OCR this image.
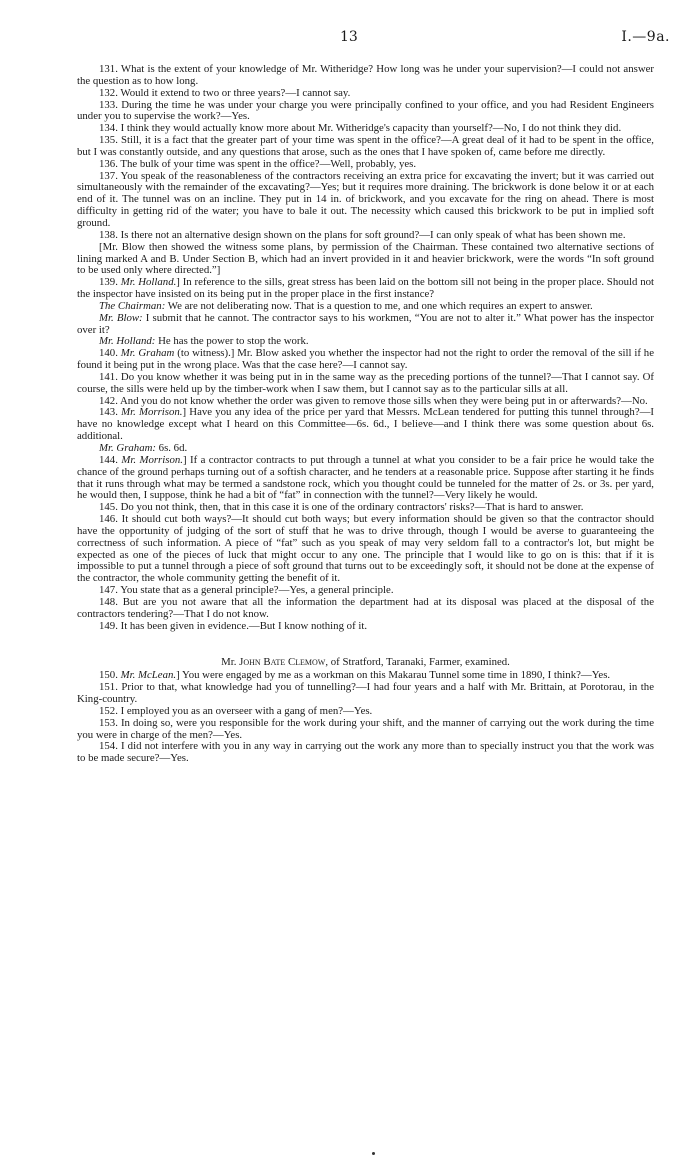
13	I.—9a.

131. What is the extent of your knowledge of Mr. Witheridge? How long was he under your supervision?—I could not answer the question as to how long.

132. Would it extend to two or three years?—I cannot say.

133. During the time he was under your charge you were principally confined to your office, and you had Resident Engineers under you to supervise the work?—Yes.

134. I think they would actually know more about Mr. Witheridge's capacity than yourself?—No, I do not think they did.

135. Still, it is a fact that the greater part of your time was spent in the office?—A great deal of it had to be spent in the office, but I was constantly outside, and any questions that arose, such as the ones that I have spoken of, came before me directly.

136. The bulk of your time was spent in the office?—Well, probably, yes.

137. You speak of the reasonableness of the contractors receiving an extra price for excavating the invert; but it was carried out simultaneously with the remainder of the excavating?—Yes; but it requires more draining. The brickwork is done below it or at each end of it. The tunnel was on an incline. They put in 14 in. of brickwork, and you excavate for the ring on ahead. There is most difficulty in getting rid of the water; you have to bale it out. The necessity which caused this brickwork to be put in implied soft ground.

138. Is there not an alternative design shown on the plans for soft ground?—I can only speak of what has been shown me.

[Mr. Blow then showed the witness some plans, by permission of the Chairman. These contained two alternative sections of lining marked A and B. Under Section B, which had an invert provided in it and heavier brickwork, were the words “In soft ground to be used only where directed.”]

139. Mr. Holland.] In reference to the sills, great stress has been laid on the bottom sill not being in the proper place. Should not the inspector have insisted on its being put in the proper place in the first instance?

The Chairman: We are not deliberating now. That is a question to me, and one which requires an expert to answer.

Mr. Blow: I submit that he cannot. The contractor says to his workmen, “You are not to alter it.” What power has the inspector over it?

Mr. Holland: He has the power to stop the work.

140. Mr. Graham (to witness).] Mr. Blow asked you whether the inspector had not the right to order the removal of the sill if he found it being put in the wrong place. Was that the case here?—I cannot say.

141. Do you know whether it was being put in in the same way as the preceding portions of the tunnel?—That I cannot say. Of course, the sills were held up by the timber-work when I saw them, but I cannot say as to the particular sills at all.

142. And you do not know whether the order was given to remove those sills when they were being put in or afterwards?—No.

143. Mr. Morrison.] Have you any idea of the price per yard that Messrs. McLean tendered for putting this tunnel through?—I have no knowledge except what I heard on this Committee—6s. 6d., I believe—and I think there was some question about 6s. additional.

Mr. Graham: 6s. 6d.

144. Mr. Morrison.] If a contractor contracts to put through a tunnel at what you consider to be a fair price he would take the chance of the ground perhaps turning out of a softish character, and he tenders at a reasonable price. Suppose after starting it he finds that it runs through what may be termed a sandstone rock, which you thought could be tunneled for the matter of 2s. or 3s. per yard, he would then, I suppose, think he had a bit of “fat” in connection with the tunnel?—Very likely he would.

145. Do you not think, then, that in this case it is one of the ordinary contractors' risks?—That is hard to answer.

146. It should cut both ways?—It should cut both ways; but every information should be given so that the contractor should have the opportunity of judging of the sort of stuff that he was to drive through, though I would be averse to guaranteeing the correctness of such information. A piece of “fat” such as you speak of may very seldom fall to a contractor's lot, but might be expected as one of the pieces of luck that might occur to any one. The principle that I would like to go on is this: that if it is impossible to put a tunnel through a piece of soft ground that turns out to be exceedingly soft, it should not be done at the expense of the contractor, the whole community getting the benefit of it.

147. You state that as a general principle?—Yes, a general principle.

148. But are you not aware that all the information the department had at its disposal was placed at the disposal of the contractors tendering?—That I do not know.

149. It has been given in evidence.—But I know nothing of it.

Mr. John Bate Clemow, of Stratford, Taranaki, Farmer, examined.

150. Mr. McLean.] You were engaged by me as a workman on this Makarau Tunnel some time in 1890, I think?—Yes.

151. Prior to that, what knowledge had you of tunnelling?—I had four years and a half with Mr. Brittain, at Porotorau, in the King-country.

152. I employed you as an overseer with a gang of men?—Yes.

153. In doing so, were you responsible for the work during your shift, and the manner of carrying out the work during the time you were in charge of the men?—Yes.

154. I did not interfere with you in any way in carrying out the work any more than to specially instruct you that the work was to be made secure?—Yes.
